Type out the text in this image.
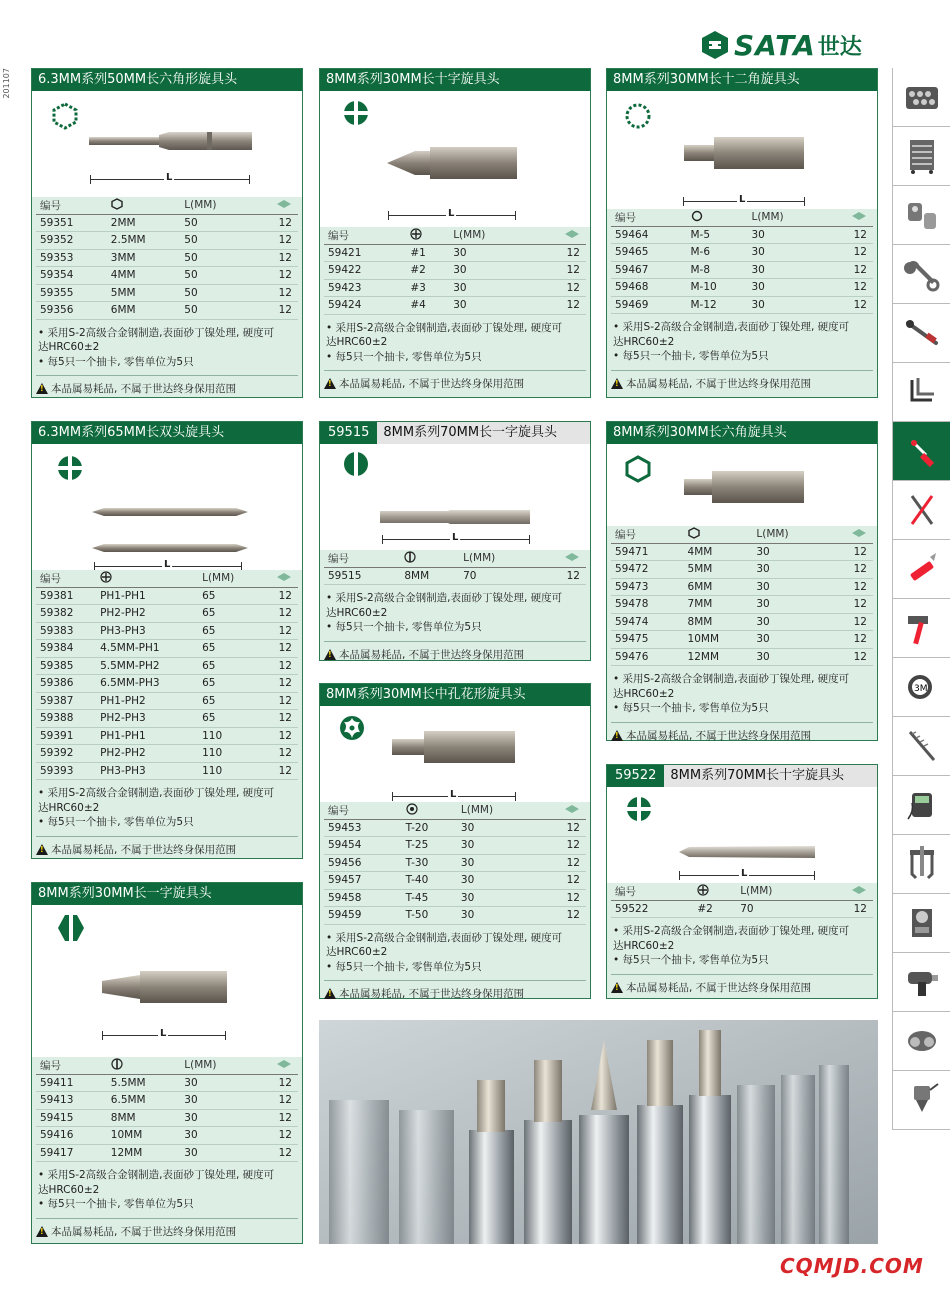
201107
SATA 世达
6.3MM系列50MM长六角形旋具头
L
编号		L(MM)	
59351	2MM	50	12
59352	2.5MM	50	12
59353	3MM	50	12
59354	4MM	50	12
59355	5MM	50	12
59356	6MM	50	12
• 采用S-2高级合金钢制造,表面砂丁镍处理, 硬度可
达HRC60±2
• 每5只一个抽卡, 零售单位为5只
!
本品属易耗品, 不属于世达终身保用范围
8MM系列30MM长十字旋具头
L
编号		L(MM)	
59421	#1	30	12
59422	#2	30	12
59423	#3	30	12
59424	#4	30	12
• 采用S-2高级合金钢制造,表面砂丁镍处理, 硬度可
达HRC60±2
• 每5只一个抽卡, 零售单位为5只
!
本品属易耗品, 不属于世达终身保用范围
8MM系列30MM长十二角旋具头
L
编号		L(MM)	
59464	M-5	30	12
59465	M-6	30	12
59467	M-8	30	12
59468	M-10	30	12
59469	M-12	30	12
• 采用S-2高级合金钢制造,表面砂丁镍处理, 硬度可
达HRC60±2
• 每5只一个抽卡, 零售单位为5只
!
本品属易耗品, 不属于世达终身保用范围
6.3MM系列65MM长双头旋具头
L
编号		L(MM)	
59381	PH1-PH1	65	12
59382	PH2-PH2	65	12
59383	PH3-PH3	65	12
59384	4.5MM-PH1	65	12
59385	5.5MM-PH2	65	12
59386	6.5MM-PH3	65	12
59387	PH1-PH2	65	12
59388	PH2-PH3	65	12
59391	PH1-PH1	110	12
59392	PH2-PH2	110	12
59393	PH3-PH3	110	12
• 采用S-2高级合金钢制造,表面砂丁镍处理, 硬度可
达HRC60±2
• 每5只一个抽卡, 零售单位为5只
!
本品属易耗品, 不属于世达终身保用范围
59515	8MM系列70MM长一字旋具头
L
编号		L(MM)	
59515	8MM	70	12
• 采用S-2高级合金钢制造,表面砂丁镍处理, 硬度可
达HRC60±2
• 每5只一个抽卡, 零售单位为5只
!
本品属易耗品, 不属于世达终身保用范围
8MM系列30MM长六角旋具头
编号		L(MM)	
59471	4MM	30	12
59472	5MM	30	12
59473	6MM	30	12
59478	7MM	30	12
59474	8MM	30	12
59475	10MM	30	12
59476	12MM	30	12
• 采用S-2高级合金钢制造,表面砂丁镍处理, 硬度可
达HRC60±2
• 每5只一个抽卡, 零售单位为5只
!
本品属易耗品, 不属于世达终身保用范围
8MM系列30MM长中孔花形旋具头
L
编号		L(MM)	
59453	T-20	30	12
59454	T-25	30	12
59456	T-30	30	12
59457	T-40	30	12
59458	T-45	30	12
59459	T-50	30	12
• 采用S-2高级合金钢制造,表面砂丁镍处理, 硬度可
达HRC60±2
• 每5只一个抽卡, 零售单位为5只
!
本品属易耗品, 不属于世达终身保用范围
59522	8MM系列70MM长十字旋具头
L
编号		L(MM)	
59522	#2	70	12
• 采用S-2高级合金钢制造,表面砂丁镍处理, 硬度可
达HRC60±2
• 每5只一个抽卡, 零售单位为5只
!
本品属易耗品, 不属于世达终身保用范围
8MM系列30MM长一字旋具头
L
编号		L(MM)	
59411	5.5MM	30	12
59413	6.5MM	30	12
59415	8MM	30	12
59416	10MM	30	12
59417	12MM	30	12
• 采用S-2高级合金钢制造,表面砂丁镍处理, 硬度可
达HRC60±2
• 每5只一个抽卡, 零售单位为5只
!
本品属易耗品, 不属于世达终身保用范围
3M
CQMJD.COM
